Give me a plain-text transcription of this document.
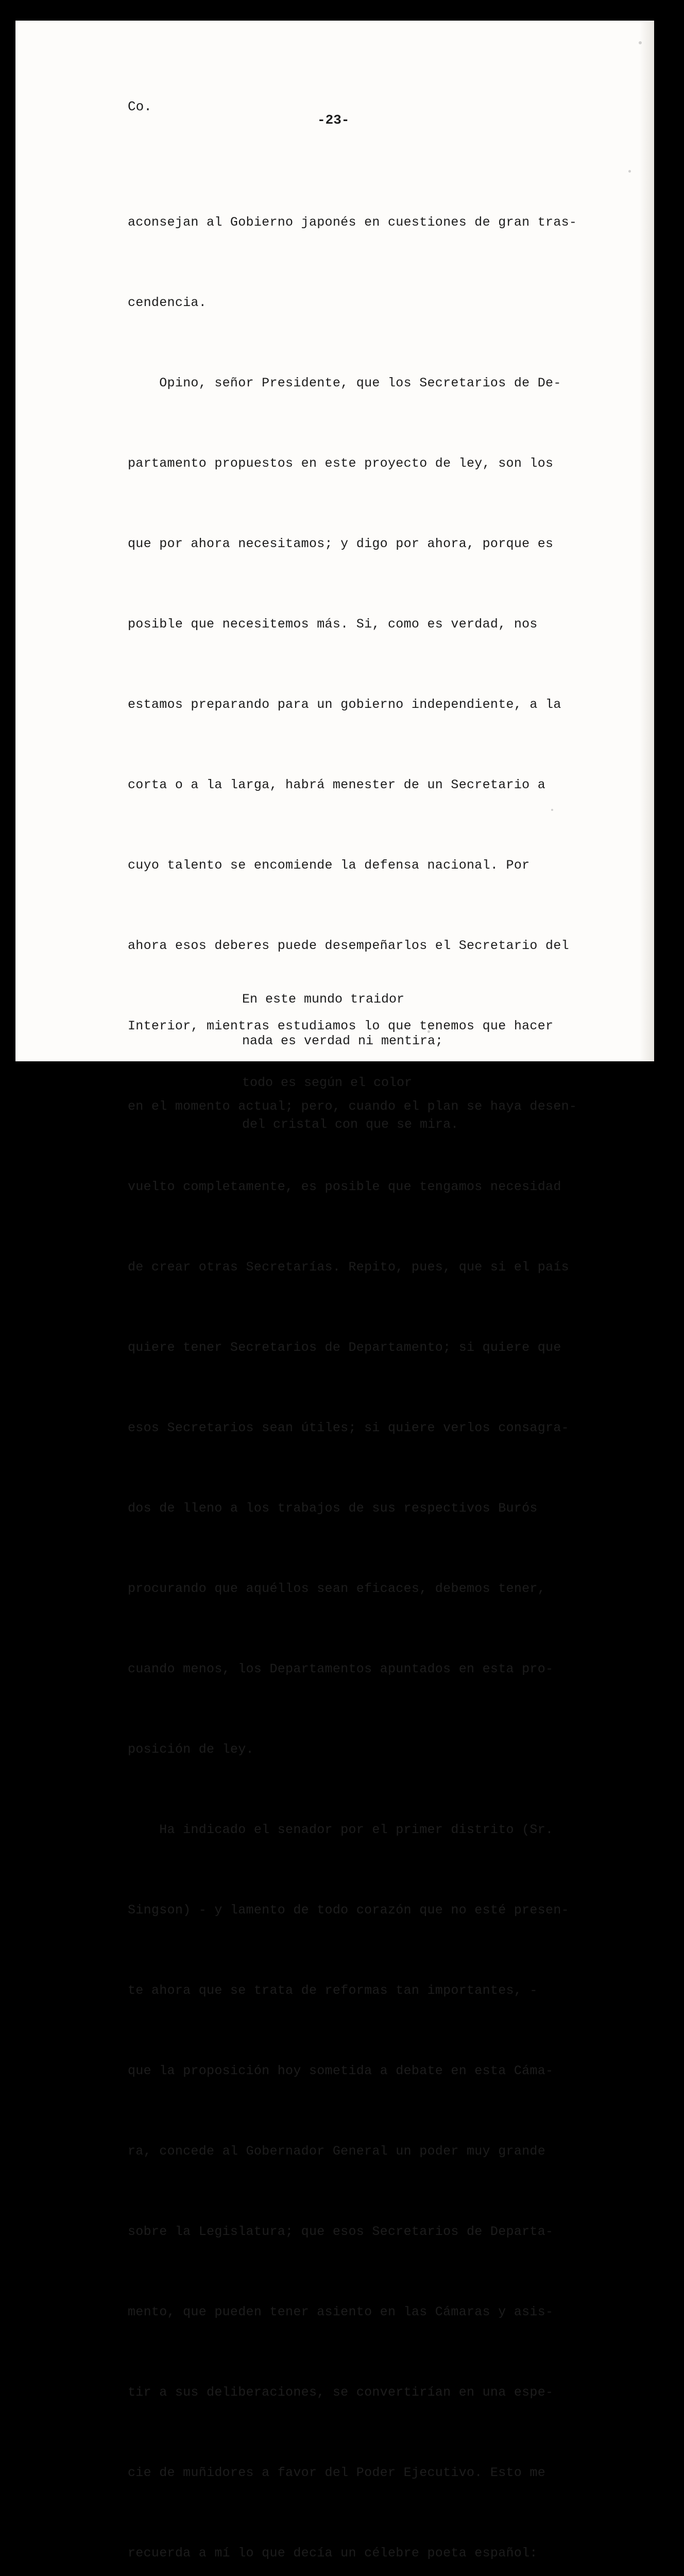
Co.
-23-

aconsejan al Gobierno japonés en cuestiones de gran tras-

cendencia.

Opino, señor Presidente, que los Secretarios de De-

partamento propuestos en este proyecto de ley, son los

que por ahora necesitamos; y digo por ahora, porque es

posible que necesitemos más. Si, como es verdad, nos

estamos preparando para un gobierno independiente, a la

corta o a la larga, habrá menester de un Secretario a

cuyo talento se encomiende la defensa nacional. Por

ahora esos deberes puede desempeñarlos el Secretario del

Interior, mientras estudiamos lo que tenemos que hacer

en el momento actual; pero, cuando el plan se haya desen-

vuelto completamente, es posible que tengamos necesidad

de crear otras Secretarías. Repito, pues, que si el país

quiere tener Secretarios de Departamento; si quiere que

esos Secretarios sean útiles; si quiere verlos consagra-

dos de lleno a los trabajos de sus respectivos Burós

procurando que aquéllos sean eficaces, debemos tener,

cuando menos, los Departamentos apuntados en esta pro-

posición de ley.

Ha indicado el senador por el primer distrito (Sr.

Singson) - y lamento de todo corazón que no esté presen-

te ahora que se trata de reformas tan importantes, -

que la proposición hoy sometida a debate en esta Cáma-

ra, concede al Gobernador General un poder muy grande

sobre la Legislatura; que esos Secretarios de Departa-

mento, que pueden tener asiento en las Cámaras y asis-

tir a sus deliberaciones, se convertirían en una espe-

cie de muñidores a favor del Poder Ejecutivo. Esto me

recuerda a mí lo que decía un célebre poeta español:

En este mundo traidor

nada es verdad ni mentira;

todo es según el color

del cristal con que se mira.
